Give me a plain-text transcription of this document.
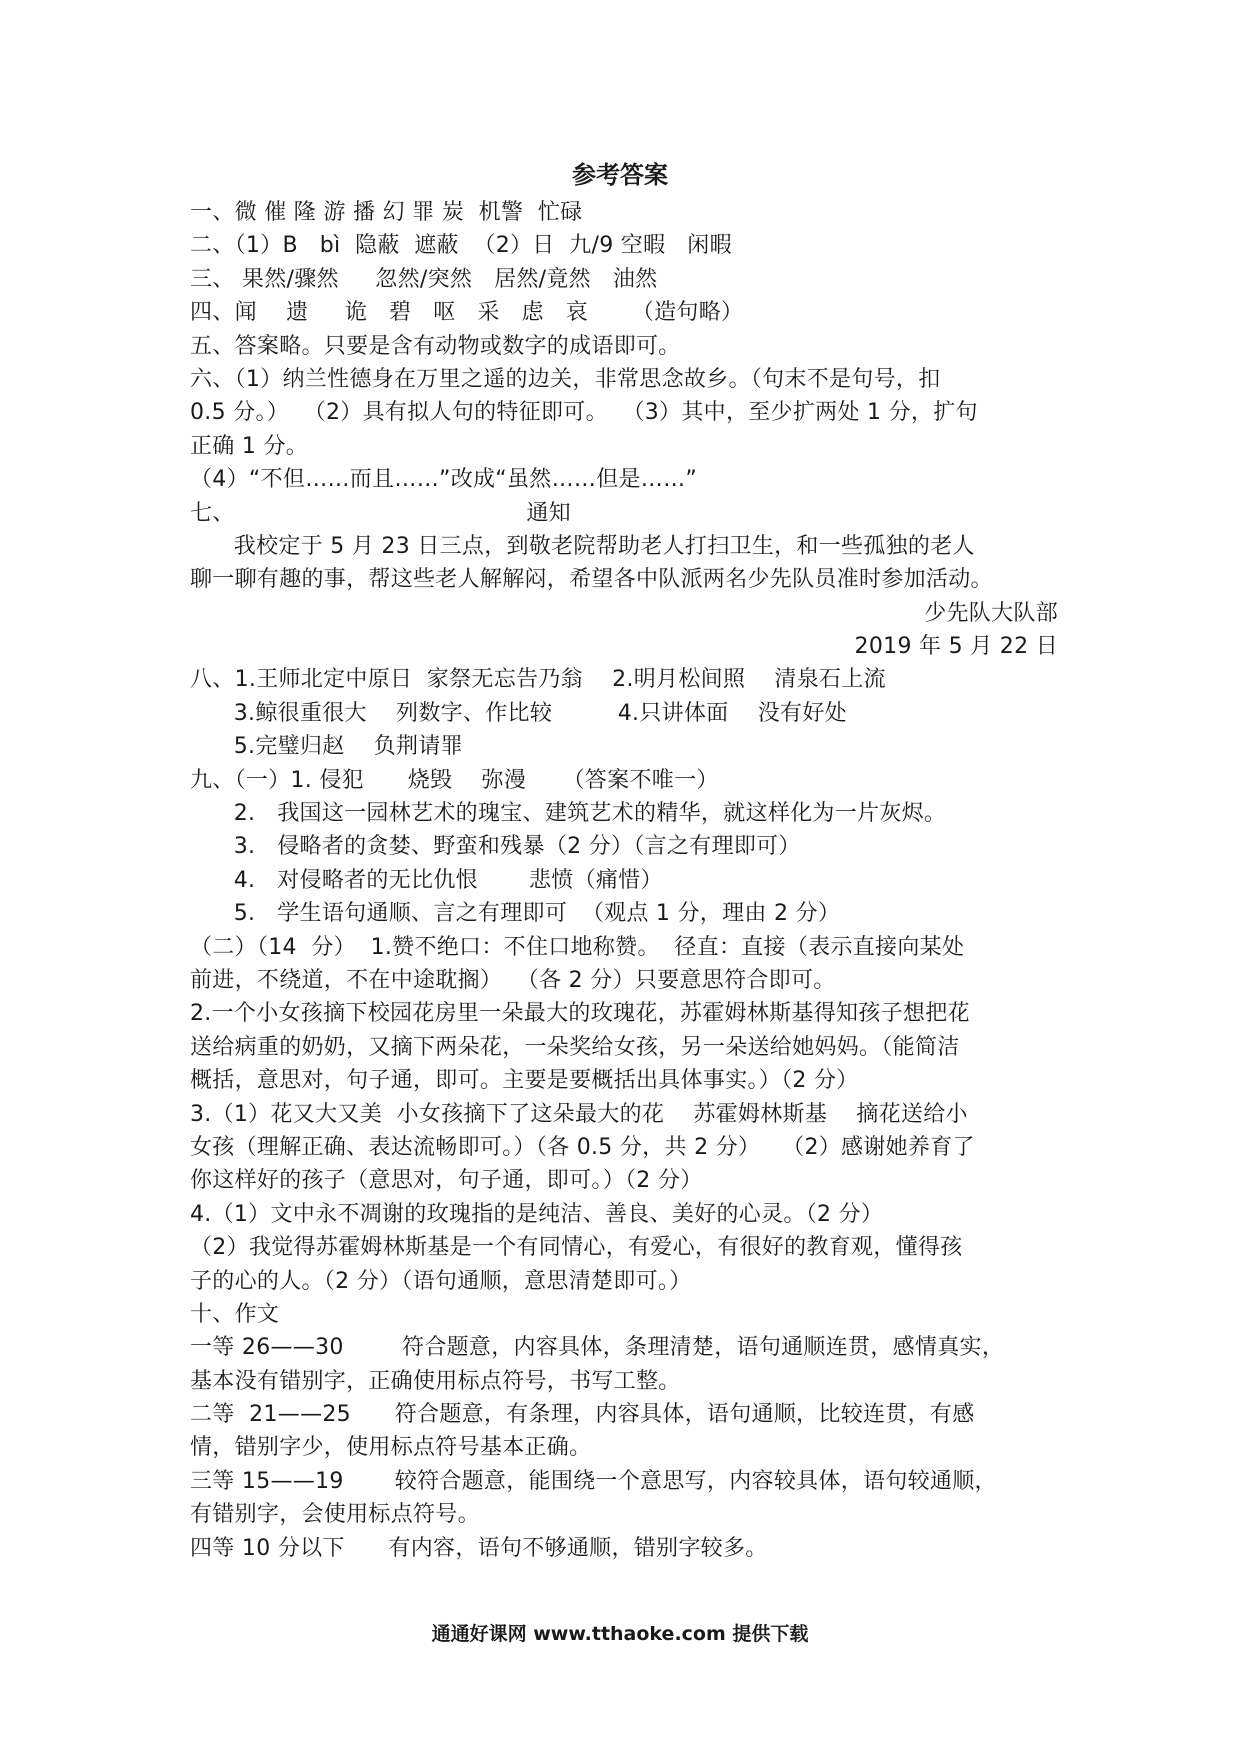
参考答案
一、微 催 隆 游 播 幻 罪 炭  机警  忙碌
二、（1）B   bì  隐蔽  遮蔽  （2）日  九/9 空暇   闲暇
三、 果然/骤然     忽然/突然   居然/竟然   油然
四、闻    遗     诡   碧   呕   采   虑   哀      （造句略）
五、答案略。只要是含有动物或数字的成语即可。
六、（1）纳兰性德身在万里之遥的边关，非常思念故乡。（句末不是句号，扣
0.5 分。）  （2）具有拟人句的特征即可。  （3）其中，至少扩两处 1 分，扩句
正确 1 分。
（4）“不但……而且……”改成“虽然……但是……”
七、                                        通知
我校定于 5 月 23 日三点，到敬老院帮助老人打扫卫生，和一些孤独的老人
聊一聊有趣的事，帮这些老人解解闷，希望各中队派两名少先队员准时参加活动。
少先队大队部
2019 年 5 月 22 日
八、1.王师北定中原日  家祭无忘告乃翁    2.明月松间照    清泉石上流
3.鲸很重很大    列数字、作比较         4.只讲体面    没有好处
5.完璧归赵    负荆请罪
九、（一）1. 侵犯      烧毁    弥漫     （答案不唯一）
2.   我国这一园林艺术的瑰宝、建筑艺术的精华，就这样化为一片灰烬。
3.   侵略者的贪婪、野蛮和残暴（2 分）（言之有理即可）
4.   对侵略者的无比仇恨       悲愤（痛惜）
5.   学生语句通顺、言之有理即可  （观点 1 分，理由 2 分）
（二）（14  分）  1.赞不绝口：不住口地称赞。  径直：直接（表示直接向某处
前进，不绕道，不在中途耽搁）  （各 2 分）只要意思符合即可。
2.一个小女孩摘下校园花房里一朵最大的玫瑰花，苏霍姆林斯基得知孩子想把花
送给病重的奶奶，又摘下两朵花，一朵奖给女孩，另一朵送给她妈妈。（能简洁
概括，意思对，句子通，即可。主要是要概括出具体事实。）（2 分）
3.（1）花又大又美  小女孩摘下了这朵最大的花    苏霍姆林斯基    摘花送给小
女孩（理解正确、表达流畅即可。）（各 0.5 分，共 2 分）   （2）感谢她养育了
你这样好的孩子（意思对，句子通，即可。）（2 分）
4.（1）文中永不凋谢的玫瑰指的是纯洁、善良、美好的心灵。（2 分）
（2）我觉得苏霍姆林斯基是一个有同情心，有爱心，有很好的教育观，懂得孩
子的心的人。（2 分）（语句通顺，意思清楚即可。）
十、作文
一等 26——30        符合题意，内容具体，条理清楚，语句通顺连贯，感情真实，
基本没有错别字，正确使用标点符号，书写工整。
二等  21——25      符合题意，有条理，内容具体，语句通顺，比较连贯，有感
情，错别字少，使用标点符号基本正确。
三等 15——19       较符合题意，能围绕一个意思写，内容较具体，语句较通顺，
有错别字，会使用标点符号。
四等 10 分以下      有内容，语句不够通顺，错别字较多。
通通好课网 www.tthaoke.com 提供下载
